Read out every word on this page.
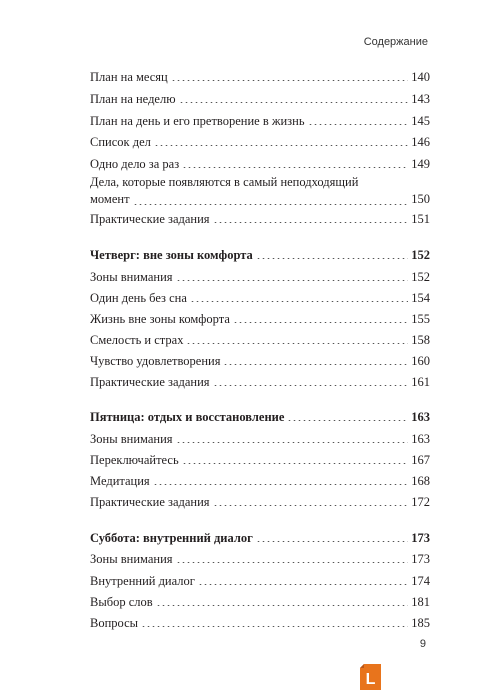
Содержание
План на месяц	140
План на неделю	143
План на день и его претворение в жизнь	145
Список дел	146
Одно дело за раз	149
Дела, которые появляются в самый неподходящий
момент	150
Практические задания	151
Четверг: вне зоны комфорта	152
Зоны внимания	152
Один день без сна	154
Жизнь вне зоны комфорта	155
Смелость и страх	158
Чувство удовлетворения	160
Практические задания	161
Пятница: отдых и восстановление	163
Зоны внимания	163
Переключайтесь	167
Медитация	168
Практические задания	172
Суббота: внутренний диалог	173
Зоны внимания	173
Внутренний диалог	174
Выбор слов	181
Вопросы	185
9
L
